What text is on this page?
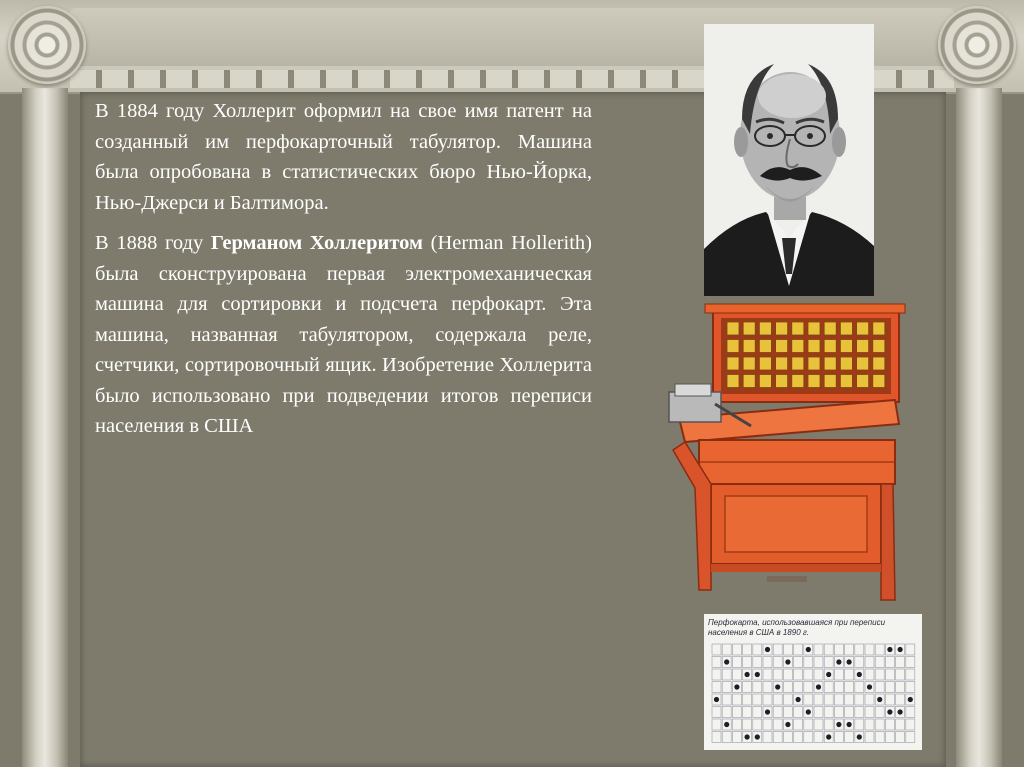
В 1884 году Холлерит оформил на свое имя патент на созданный им перфокарточный табулятор. Машина была опробована в статистических бюро Нью-Йорка, Нью-Джерси и Балтимора.

В 1888 году Германом Холлеритом (Herman Hollerith) была сконструирована первая электромеханическая машина для сортировки и подсчета перфокарт. Эта машина, названная табулятором, содержала реле, счетчики, сортировочный ящик. Изобретение Холлерита было использовано при подведении итогов переписи населения в США

Перфокарта, использовавшаяся при переписи населения в США в 1890 г.
